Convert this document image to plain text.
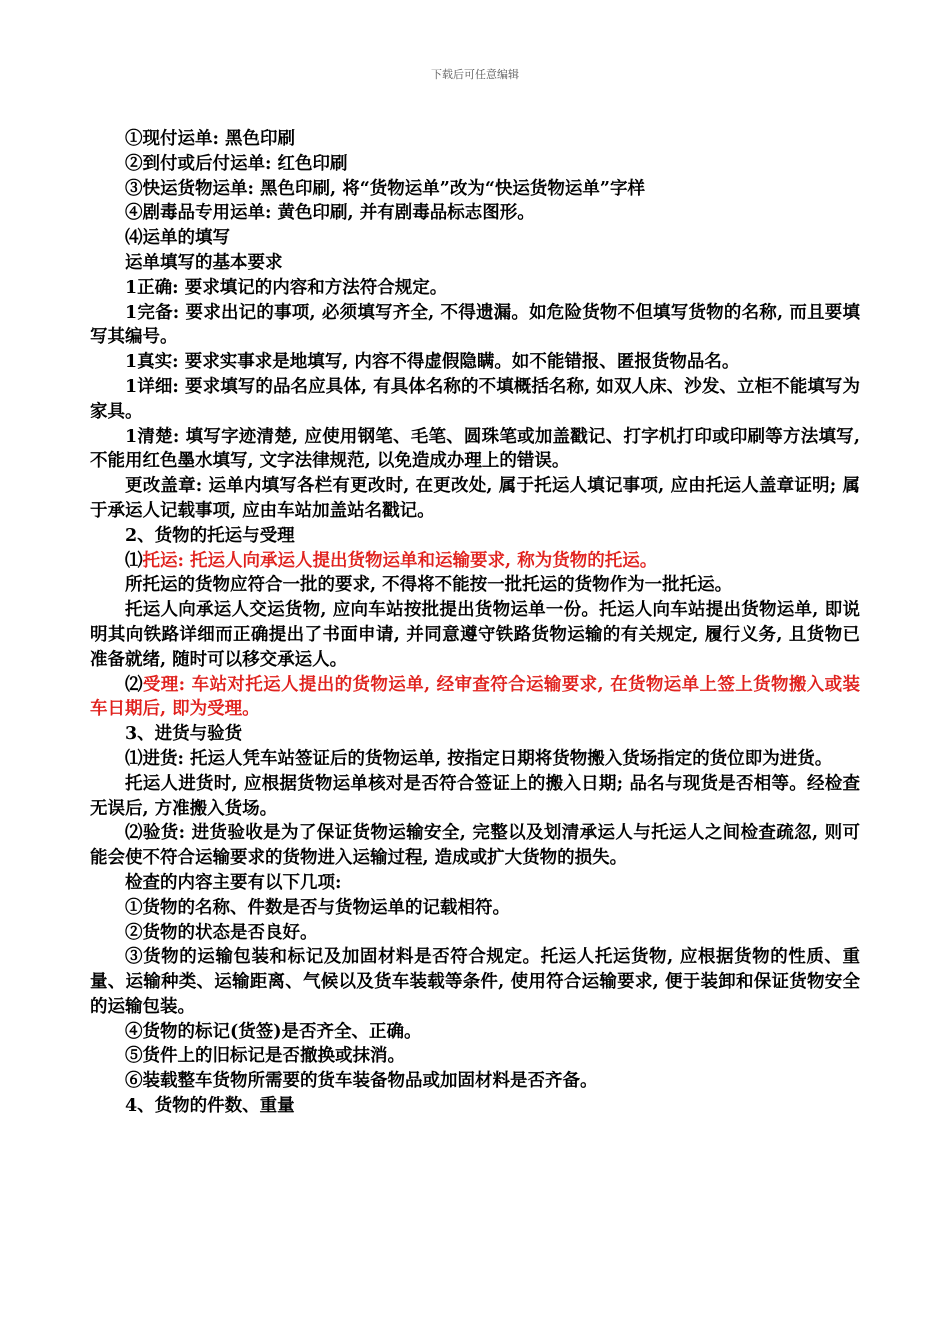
下载后可任意编辑

①现付运单: 黑色印刷

②到付或后付运单: 红色印刷

③快运货物运单: 黑色印刷, 将“货物运单”改为“快运货物运单”字样

④剧毒品专用运单: 黄色印刷, 并有剧毒品标志图形。

⑷运单的填写

运单填写的基本要求

1正确: 要求填记的内容和方法符合规定。

1完备: 要求出记的事项, 必须填写齐全, 不得遗漏。如危险货物不但填写货物的名称, 而且要填写其编号。

1真实: 要求实事求是地填写, 内容不得虚假隐瞒。如不能错报、匿报货物品名。

1详细: 要求填写的品名应具体, 有具体名称的不填概括名称, 如双人床、沙发、立柜不能填写为家具。

1清楚: 填写字迹清楚, 应使用钢笔、毛笔、圆珠笔或加盖戳记、打字机打印或印刷等方法填写, 不能用红色墨水填写, 文字法律规范, 以免造成办理上的错误。

更改盖章: 运单内填写各栏有更改时, 在更改处, 属于托运人填记事项, 应由托运人盖章证明; 属于承运人记载事项, 应由车站加盖站名戳记。

2、货物的托运与受理

⑴托运: 托运人向承运人提出货物运单和运输要求, 称为货物的托运。

所托运的货物应符合一批的要求, 不得将不能按一批托运的货物作为一批托运。

托运人向承运人交运货物, 应向车站按批提出货物运单一份。托运人向车站提出货物运单, 即说明其向铁路详细而正确提出了书面申请, 并同意遵守铁路货物运输的有关规定, 履行义务, 且货物已准备就绪, 随时可以移交承运人。

⑵受理: 车站对托运人提出的货物运单, 经审查符合运输要求, 在货物运单上签上货物搬入或装车日期后, 即为受理。

3、进货与验货

⑴进货: 托运人凭车站签证后的货物运单, 按指定日期将货物搬入货场指定的货位即为进货。

托运人进货时, 应根据货物运单核对是否符合签证上的搬入日期; 品名与现货是否相等。经检查无误后, 方准搬入货场。

⑵验货: 进货验收是为了保证货物运输安全, 完整以及划清承运人与托运人之间检查疏忽, 则可能会使不符合运输要求的货物进入运输过程, 造成或扩大货物的损失。

检查的内容主要有以下几项:

①货物的名称、件数是否与货物运单的记载相符。

②货物的状态是否良好。

③货物的运输包装和标记及加固材料是否符合规定。托运人托运货物, 应根据货物的性质、重量、运输种类、运输距离、气候以及货车装载等条件, 使用符合运输要求, 便于装卸和保证货物安全的运输包装。

④货物的标记(货签)是否齐全、正确。

⑤货件上的旧标记是否撤换或抹消。

⑥装载整车货物所需要的货车装备物品或加固材料是否齐备。

4、货物的件数、重量
